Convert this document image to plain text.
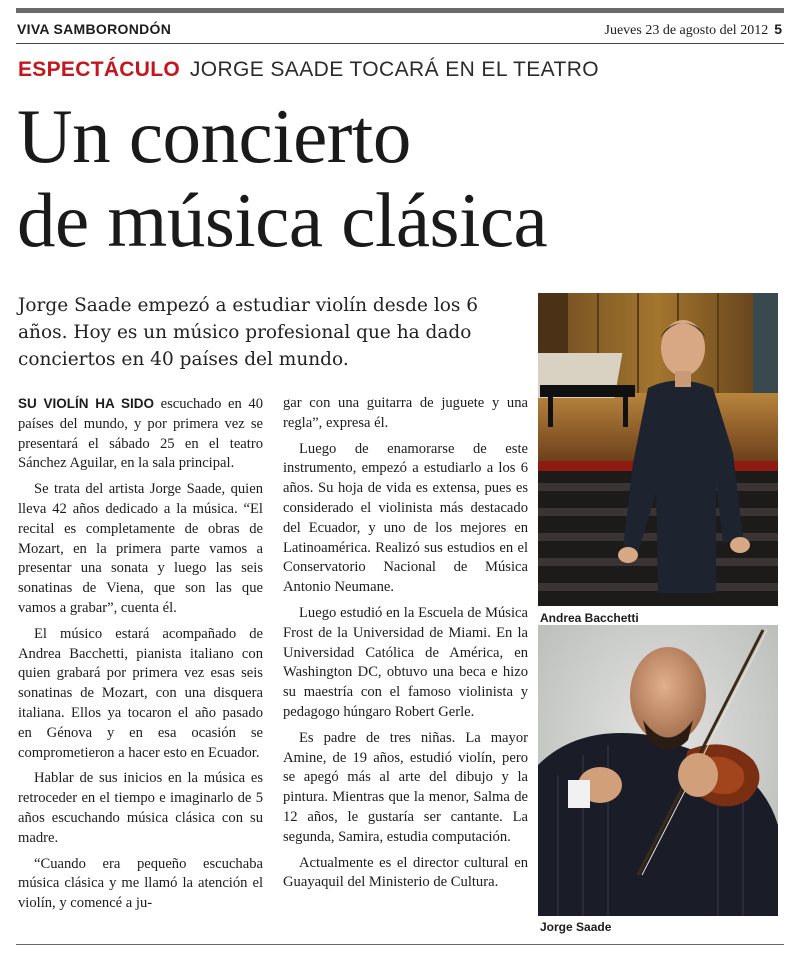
VIVA SAMBORONDÓN	Jueves 23 de agosto del 2012 5
ESPECTÁCULO JORGE SAADE TOCARÁ EN EL TEATRO
Un concierto
de música clásica

Jorge Saade empezó a estudiar violín desde los 6 años. Hoy es un músico profesional que ha dado conciertos en 40 países del mundo.

SU VIOLÍN HA SIDO escuchado en 40 países del mundo, y por primera vez se presentará el sábado 25 en el teatro Sánchez Aguilar, en la sala principal.

Se trata del artista Jorge Saade, quien lleva 42 años dedicado a la música. “El recital es completamente de obras de Mozart, en la primera parte vamos a presentar una sonata y luego las seis sonatinas de Viena, que son las que vamos a grabar”, cuenta él.

El músico estará acompañado de Andrea Bacchetti, pianista italiano con quien grabará por primera vez esas seis sonatinas de Mozart, con una disquera italiana. Ellos ya tocaron el año pasado en Génova y en esa ocasión se comprometieron a hacer esto en Ecuador.

Hablar de sus inicios en la música es retroceder en el tiempo e imaginarlo de 5 años escuchando música clásica con su madre.

“Cuando era pequeño escuchaba música clásica y me llamó la atención el violín, y comencé a ju-

gar con una guitarra de juguete y una regla”, expresa él.

Luego de enamorarse de este instrumento, empezó a estudiarlo a los 6 años. Su hoja de vida es extensa, pues es considerado el violinista más destacado del Ecuador, y uno de los mejores en Latinoamérica. Realizó sus estudios en el Conservatorio Nacional de Música Antonio Neumane.

Luego estudió en la Escuela de Música Frost de la Universidad de Miami. En la Universidad Católica de América, en Washington DC, obtuvo una beca e hizo su maestría con el famoso violinista y pedagogo húngaro Robert Gerle.

Es padre de tres niñas. La mayor Amine, de 19 años, estudió violín, pero se apegó más al arte del dibujo y la pintura. Mientras que la menor, Salma de 12 años, le gustaría ser cantante. La segunda, Samira, estudia computación.

Actualmente es el director cultural en Guayaquil del Ministerio de Cultura.

Andrea Bacchetti
Jorge Saade
